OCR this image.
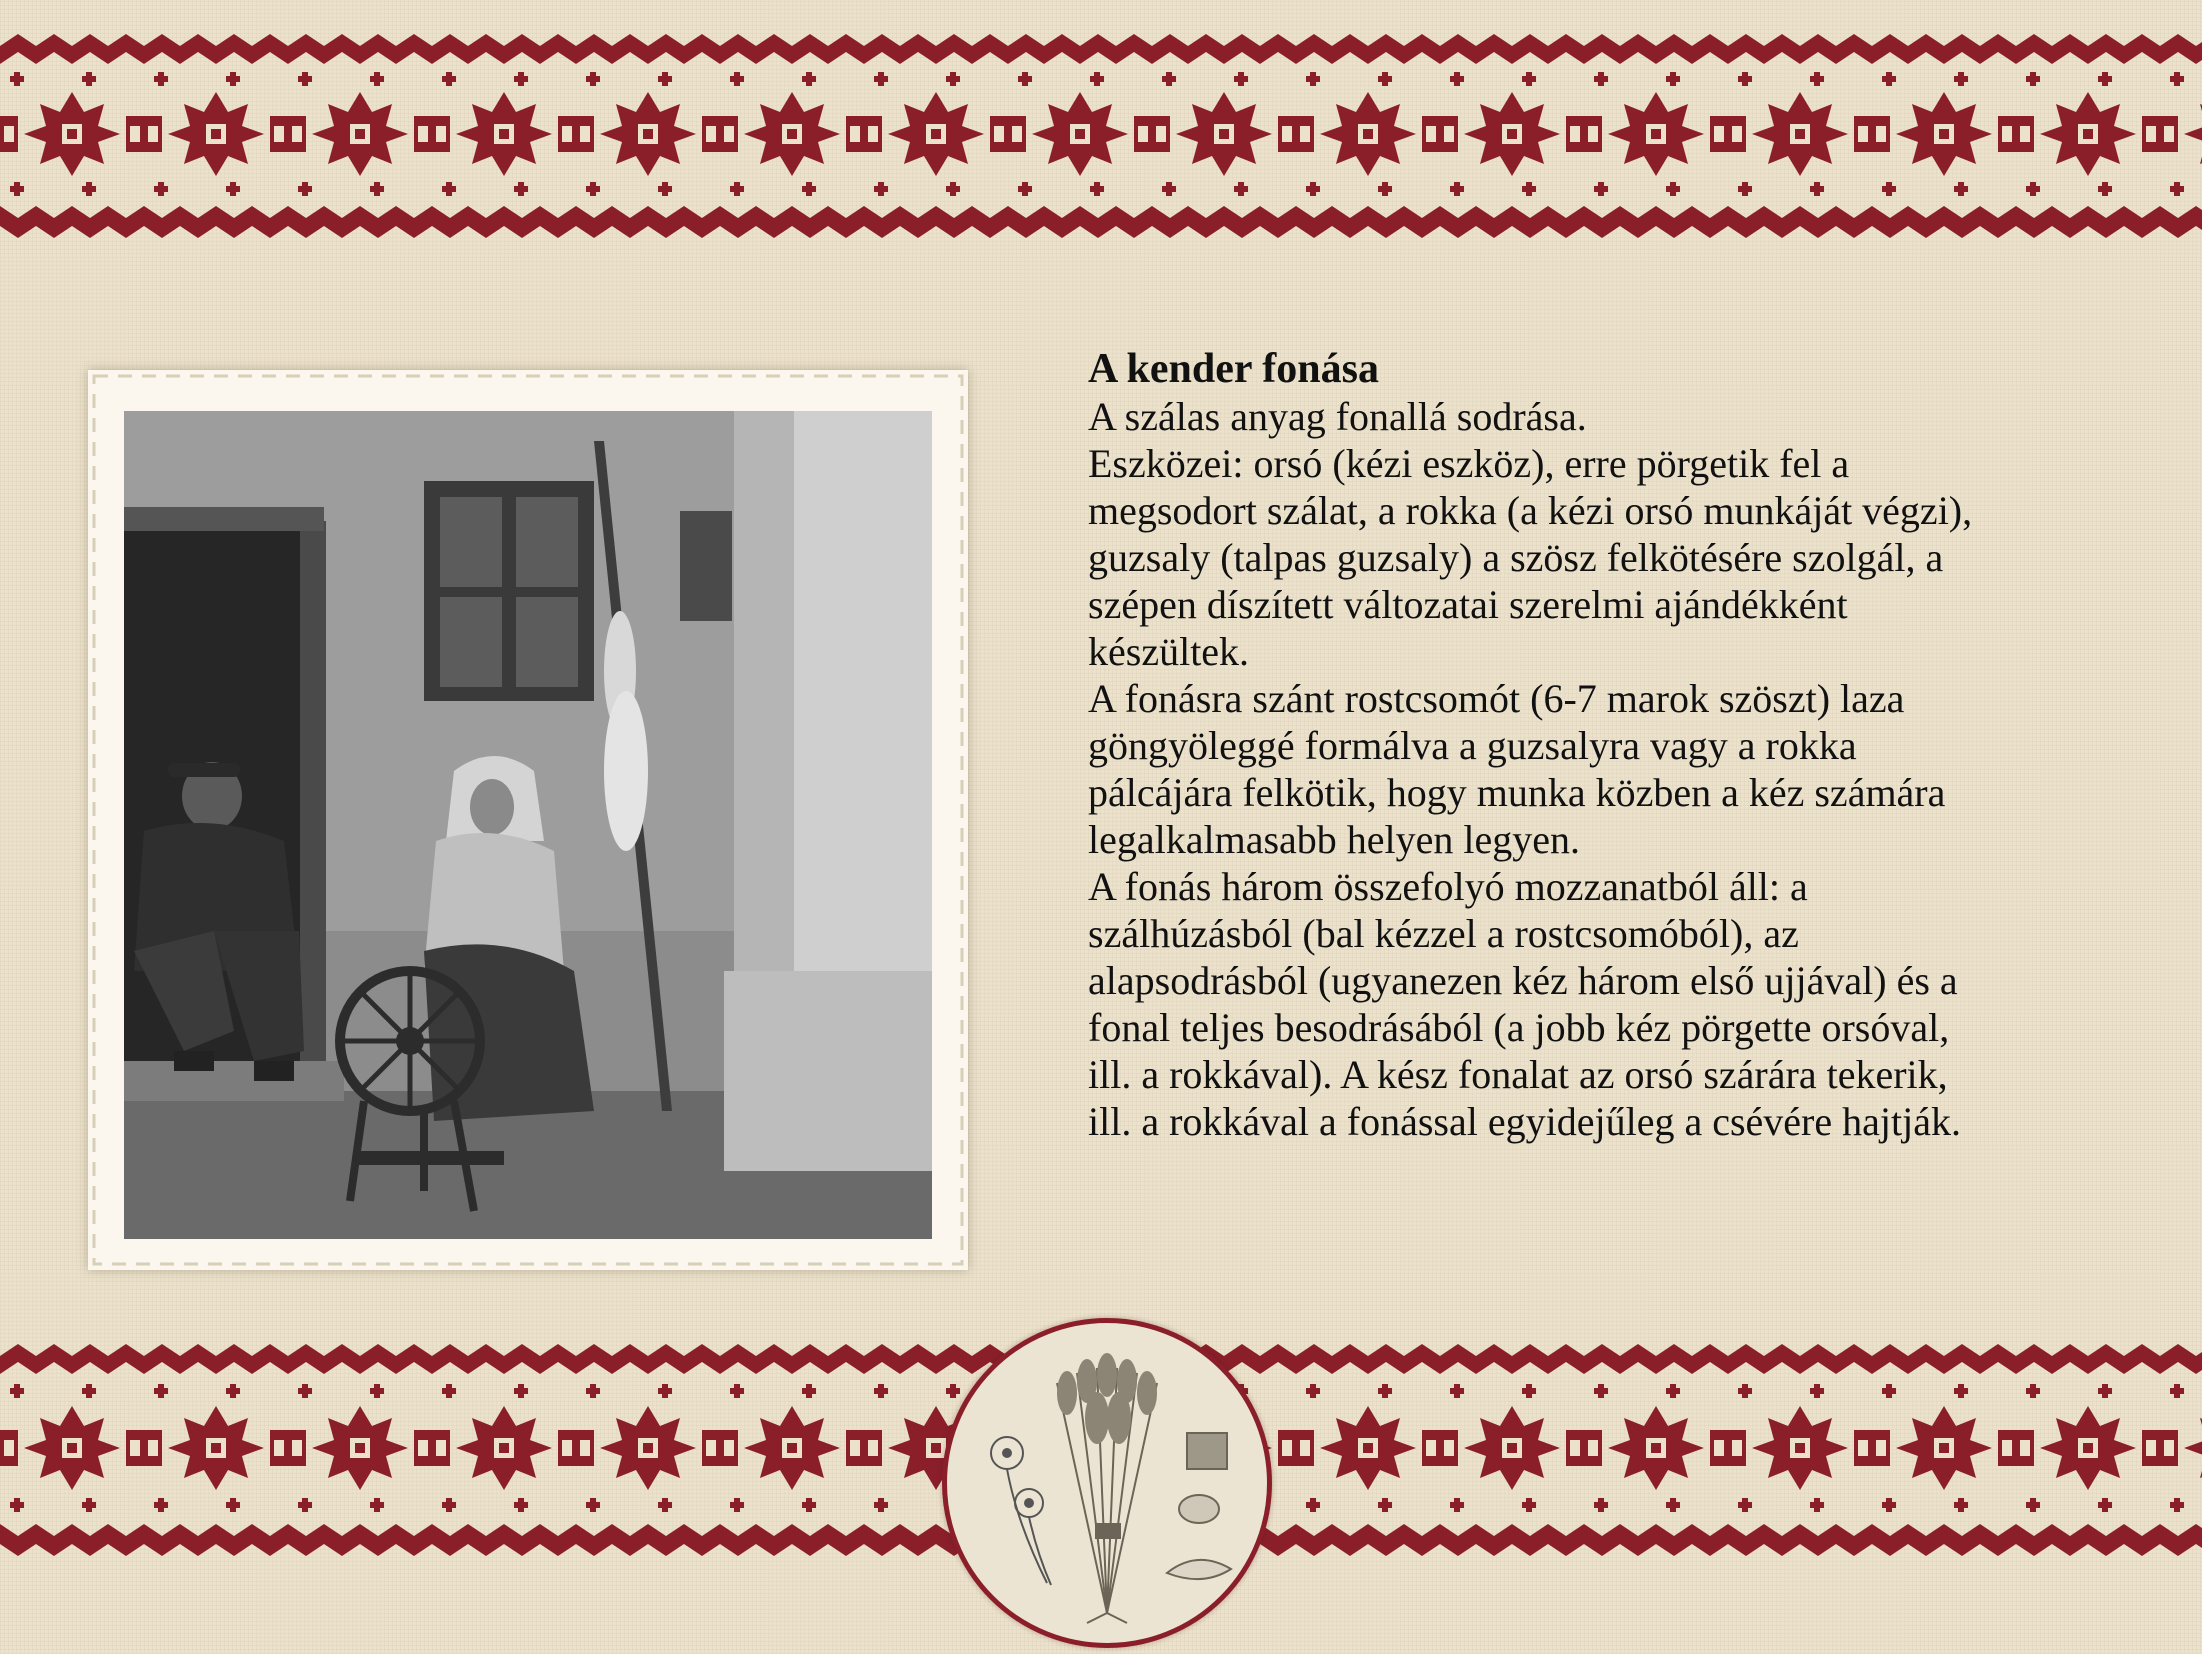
A kender fonása
A szálas anyag fonallá sodrása.
Eszközei: orsó (kézi eszköz), erre pörgetik fel a
megsodort szálat, a rokka (a kézi orsó munkáját végzi),
guzsaly (talpas guzsaly) a szösz felkötésére szolgál, a
szépen díszített változatai szerelmi ajándékként
készültek.
A fonásra szánt rostcsomót (6-7 marok szöszt) laza
göngyöleggé formálva a guzsalyra vagy a rokka
pálcájára felkötik, hogy munka közben a kéz számára
legalkalmasabb helyen legyen.
A fonás három összefolyó mozzanatból áll: a
szálhúzásból (bal kézzel a rostcsomóból), az
alapsodrásból (ugyanezen kéz három első ujjával) és a
fonal teljes besodrásából (a jobb kéz pörgette orsóval,
ill. a rokkával). A kész fonalat az orsó szárára tekerik,
ill. a rokkával a fonással egyidejűleg a csévére hajtják.
